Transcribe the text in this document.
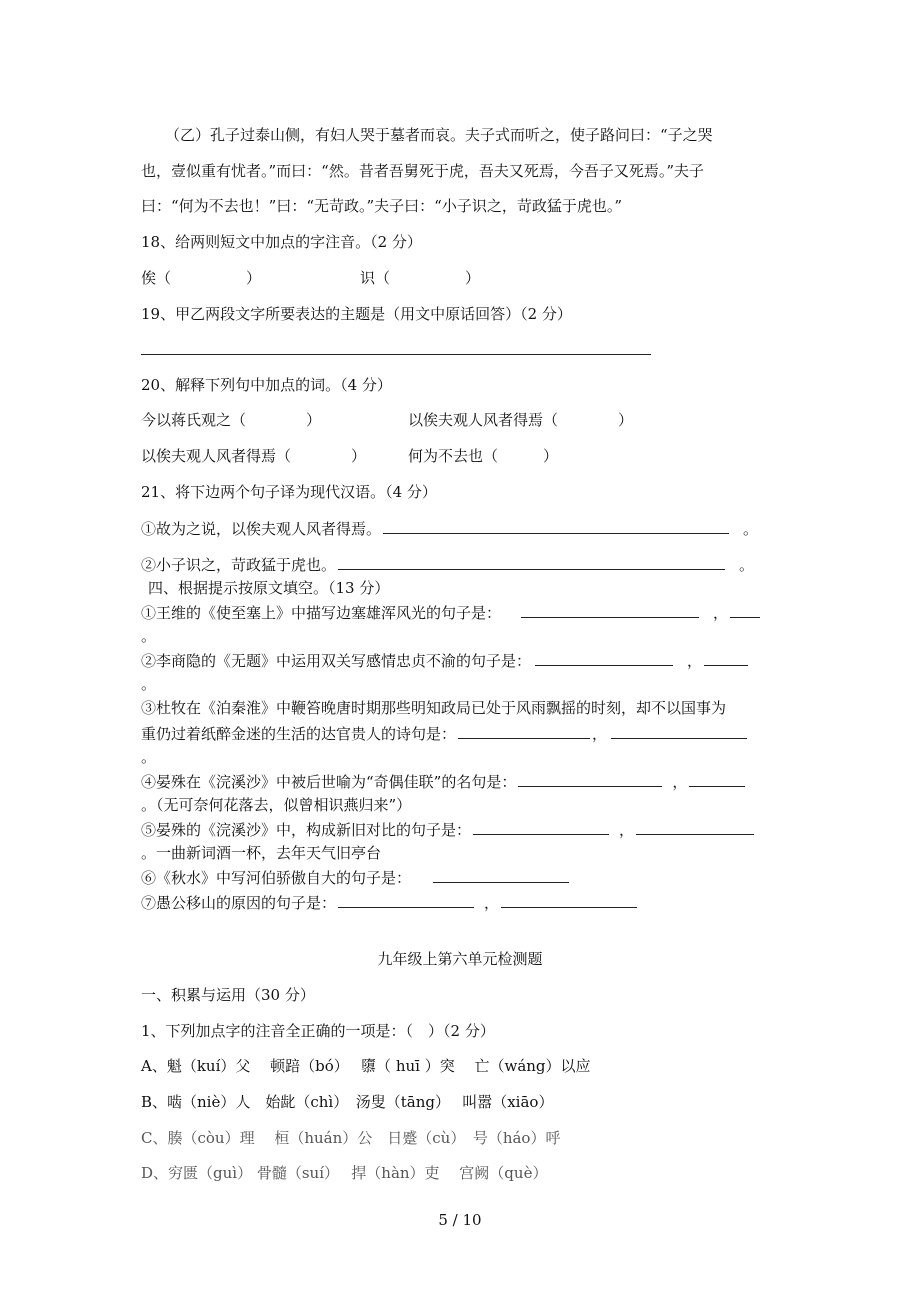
（乙）孔子过泰山侧，有妇人哭于墓者而哀。夫子式而听之，使子路问曰：“子之哭
也，壹似重有忧者。”而曰：“然。昔者吾舅死于虎，吾夫又死焉，今吾子又死焉。”夫子
曰：“何为不去也！”曰：“无苛政。”夫子曰：“小子识之，苛政猛于虎也。”
18、给两则短文中加点的字注音。（2 分）
俟（　　　　　）	识（　　　　　）
19、甲乙两段文字所要表达的主题是（用文中原话回答）（2 分）
20、解释下列句中加点的词。（4 分）
今以蒋氏观之（　　　　）	以俟夫观人风者得焉（　　　　）
以俟夫观人风者得焉（　　　　）	何为不去也（　　　）
21、将下边两个句子译为现代汉语。（4 分）
①故为之说，以俟夫观人风者得焉。	。
②小子识之，苛政猛于虎也。	。
四、根据提示按原文填空。（13 分）
①王维的《使至塞上》中描写边塞雄浑风光的句子是：	，
。
②李商隐的《无题》中运用双关写感情忠贞不渝的句子是：	，
。
③杜牧在《泊秦淮》中鞭笞晚唐时期那些明知政局已处于风雨飘摇的时刻，却不以国事为
重仍过着纸醉金迷的生活的达官贵人的诗句是：	，
。
④晏殊在《浣溪沙》中被后世喻为“奇偶佳联”的名句是：	，
。（无可奈何花落去，似曾相识燕归来”）
⑤晏殊的《浣溪沙》中，构成新旧对比的句子是：	，
。一曲新词酒一杯，去年天气旧亭台
⑥《秋水》中写河伯骄傲自大的句子是：
⑦愚公移山的原因的句子是：	，
九年级上第六单元检测题
一、积累与运用（30 分）
1、下列加点字的注音全正确的一项是：（　）（2 分）
A、魁（kuí）父　 顿踣（bó）　 隳（ huī ）突　 亡（wáng）以应
B、啮（niè）人　始龀（chì）　汤叟（tāng）　 叫嚣（xiāo）
C、腠（còu）理　 桓（huán）公　日蹙（cù）　号（háo）呼
D、穷匮（guì） 骨髓（suí）　 捍（hàn）吏　 宫阙（què）
5 / 10
